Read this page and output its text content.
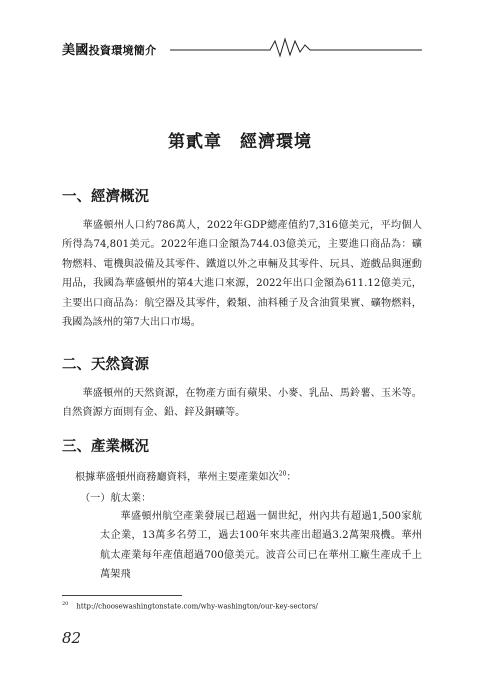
美國投資環境簡介
第貳章　經濟環境
一、經濟概況

華盛頓州人口約786萬人，2022年GDP總產值約7,316億美元，平均個人所得為74,801美元。2022年進口金額為744.03億美元，主要進口商品為：礦物燃料、電機與設備及其零件、鐵道以外之車輛及其零件、玩具、遊戲品與運動用品，我國為華盛頓州的第4大進口來源，2022年出口金額為611.12億美元，主要出口商品為：航空器及其零件，穀類、油料種子及含油質果實、礦物燃料，我國為該州的第7大出口市場。

二、天然資源

華盛頓州的天然資源，在物產方面有蘋果、小麥、乳品、馬鈴薯、玉米等。自然資源方面則有金、鉛、鋅及銅礦等。

三、產業概況
根據華盛頓州商務廳資料，華州主要產業如次$^{20}$：
（一）航太業：

華盛頓州航空產業發展已超過一個世紀，州內共有超過1,500家航太企業，13萬多名勞工，過去100年來共產出超過3.2萬架飛機。華州航太產業每年產值超過700億美元。波音公司已在華州工廠生產成千上萬架飛

$^{20}$ http://choosewashingtonstate.com/why-washington/our-key-sectors/
82
